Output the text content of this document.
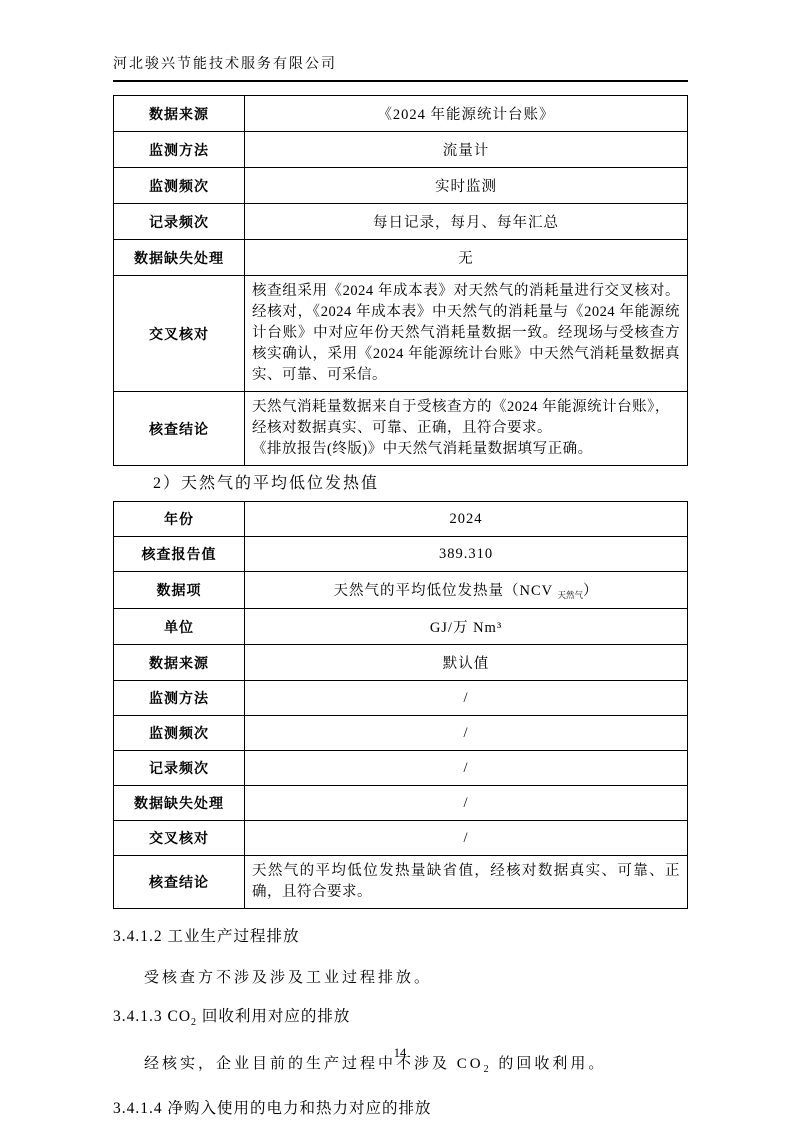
河北骏兴节能技术服务有限公司
数据来源	《2024 年能源统计台账》
监测方法	流量计
监测频次	实时监测
记录频次	每日记录，每月、每年汇总
数据缺失处理	无
交叉核对	核查组采用《2024 年成本表》对天然气的消耗量进行交叉核对。经核对，《2024 年成本表》中天然气的消耗量与《2024 年能源统计台账》中对应年份天然气消耗量数据一致。经现场与受核查方核实确认，采用《2024 年能源统计台账》中天然气消耗量数据真实、可靠、可采信。
核查结论	天然气消耗量数据来自于受核查方的《2024 年能源统计台账》，经核对数据真实、可靠、正确，且符合要求。
《排放报告(终版)》中天然气消耗量数据填写正确。
2）天然气的平均低位发热值
年份	2024
核查报告值	389.310
数据项	天然气的平均低位发热量（NCV $_{天然气}$）
单位	GJ/万 Nm³
数据来源	默认值
监测方法	/
监测频次	/
记录频次	/
数据缺失处理	/
交叉核对	/
核查结论	天然气的平均低位发热量缺省值，经核对数据真实、可靠、正确，且符合要求。
3.4.1.2 工业生产过程排放
受核查方不涉及涉及工业过程排放。
3.4.1.3 $CO_2$ 回收利用对应的排放
经核实，企业目前的生产过程中不涉及 $CO_2$ 的回收利用。
3.4.1.4 净购入使用的电力和热力对应的排放
14
